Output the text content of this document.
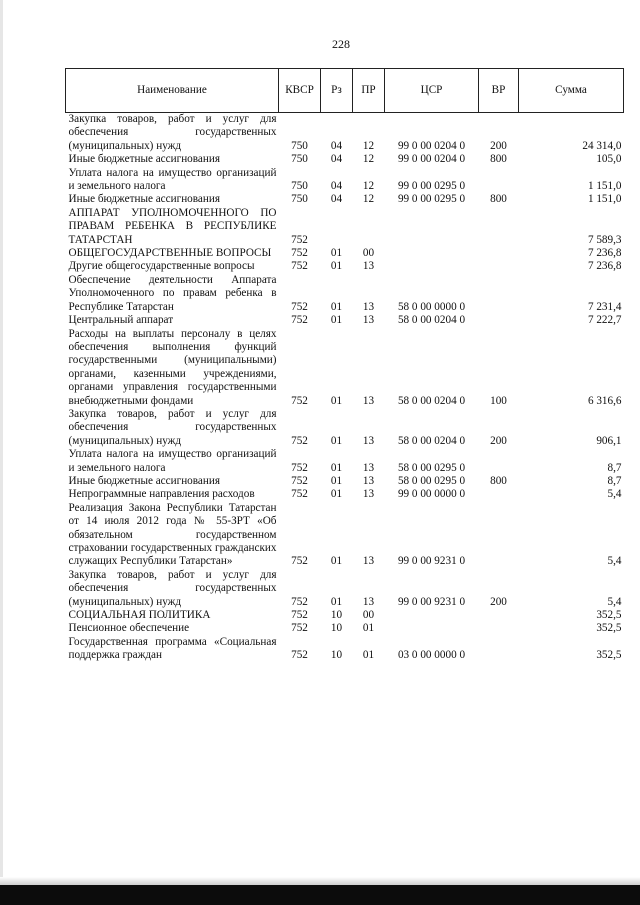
228
Наименование	КВСР	Рз	ПР	ЦСР	ВР	Сумма
Закупка товаров, работ и услуг для обеспечения государственных (муниципальных) нужд	750	04	12	99 0 00 0204 0	200	24 314,0
Иные бюджетные ассигнования	750	04	12	99 0 00 0204 0	800	105,0
Уплата налога на имущество организаций и земельного налога	750	04	12	99 0 00 0295 0		1 151,0
Иные бюджетные ассигнования	750	04	12	99 0 00 0295 0	800	1 151,0
АППАРАТ УПОЛНОМОЧЕННОГО ПО ПРАВАМ РЕБЕНКА В РЕСПУБЛИКЕ ТАТАРСТАН	752					7 589,3
ОБЩЕГОСУДАРСТВЕННЫЕ ВОПРОСЫ	752	01	00			7 236,8
Другие общегосударственные вопросы	752	01	13			7 236,8
Обеспечение деятельности Аппарата Уполномоченного по правам ребенка в Республике Татарстан	752	01	13	58 0 00 0000 0		7 231,4
Центральный аппарат	752	01	13	58 0 00 0204 0		7 222,7
Расходы на выплаты персоналу в целях обеспечения выполнения функций государственными (муниципальными) органами, казенными учреждениями, органами управления государственными внебюджетными фондами	752	01	13	58 0 00 0204 0	100	6 316,6
Закупка товаров, работ и услуг для обеспечения государственных (муниципальных) нужд	752	01	13	58 0 00 0204 0	200	906,1
Уплата налога на имущество организаций и земельного налога	752	01	13	58 0 00 0295 0		8,7
Иные бюджетные ассигнования	752	01	13	58 0 00 0295 0	800	8,7
Непрограммные направления расходов	752	01	13	99 0 00 0000 0		5,4
Реализация Закона Республики Татарстан от 14 июля 2012 года № 55-ЗРТ «Об обязательном государственном страховании государственных гражданских служащих Республики Татарстан»	752	01	13	99 0 00 9231 0		5,4
Закупка товаров, работ и услуг для обеспечения государственных (муниципальных) нужд	752	01	13	99 0 00 9231 0	200	5,4
СОЦИАЛЬНАЯ ПОЛИТИКА	752	10	00			352,5
Пенсионное обеспечение	752	10	01			352,5
Государственная программа «Социальная поддержка граждан	752	10	01	03 0 00 0000 0		352,5
